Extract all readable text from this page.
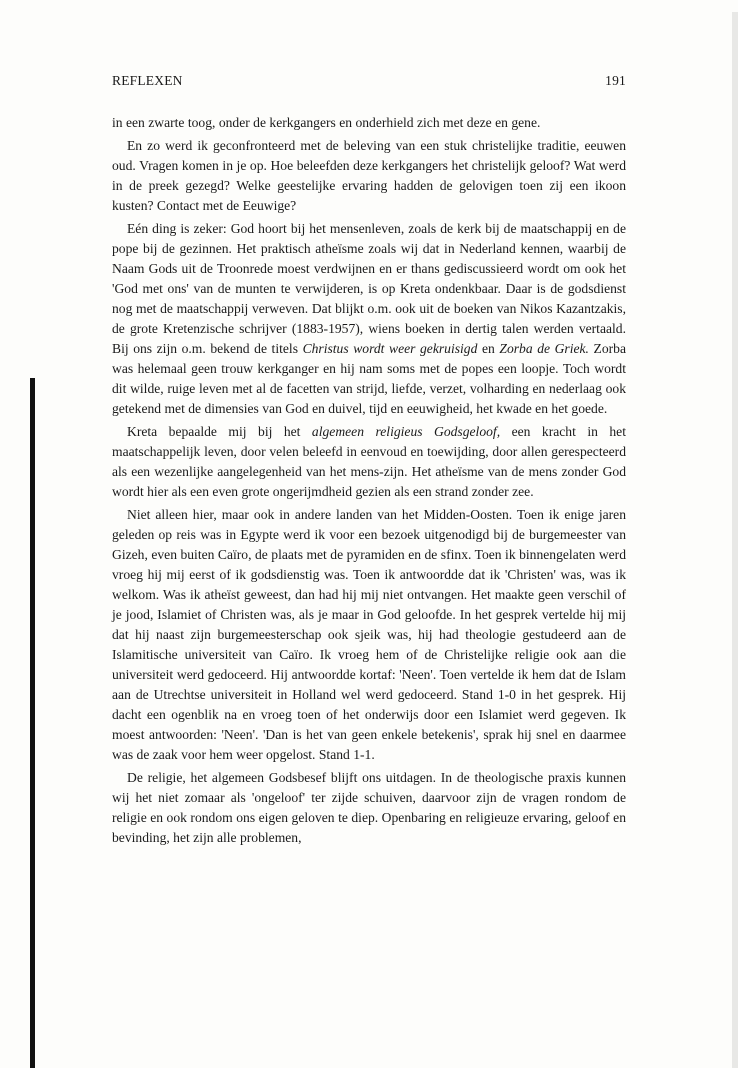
REFLEXEN	191

in een zwarte toog, onder de kerkgangers en onderhield zich met deze en gene.

En zo werd ik geconfronteerd met de beleving van een stuk christelijke traditie, eeuwen oud. Vragen komen in je op. Hoe beleefden deze kerkgangers het christelijk geloof? Wat werd in de preek gezegd? Welke geestelijke ervaring hadden de gelovigen toen zij een ikoon kusten? Contact met de Eeuwige?

Eén ding is zeker: God hoort bij het mensenleven, zoals de kerk bij de maatschappij en de pope bij de gezinnen. Het praktisch atheïsme zoals wij dat in Nederland kennen, waarbij de Naam Gods uit de Troonrede moest verdwijnen en er thans gediscussieerd wordt om ook het 'God met ons' van de munten te verwijderen, is op Kreta ondenkbaar. Daar is de godsdienst nog met de maatschappij verweven. Dat blijkt o.m. ook uit de boeken van Nikos Kazantzakis, de grote Kretenzische schrijver (1883-1957), wiens boeken in dertig talen werden vertaald. Bij ons zijn o.m. bekend de titels Christus wordt weer gekruisigd en Zorba de Griek. Zorba was helemaal geen trouw kerkganger en hij nam soms met de popes een loopje. Toch wordt dit wilde, ruige leven met al de facetten van strijd, liefde, verzet, volharding en nederlaag ook getekend met de dimensies van God en duivel, tijd en eeuwigheid, het kwade en het goede.

Kreta bepaalde mij bij het algemeen religieus Godsgeloof, een kracht in het maatschappelijk leven, door velen beleefd in eenvoud en toewijding, door allen gerespecteerd als een wezenlijke aangelegenheid van het mens-zijn. Het atheïsme van de mens zonder God wordt hier als een even grote ongerijmdheid gezien als een strand zonder zee.

Niet alleen hier, maar ook in andere landen van het Midden-Oosten. Toen ik enige jaren geleden op reis was in Egypte werd ik voor een bezoek uitgenodigd bij de burgemeester van Gizeh, even buiten Caïro, de plaats met de pyramiden en de sfinx. Toen ik binnengelaten werd vroeg hij mij eerst of ik godsdienstig was. Toen ik antwoordde dat ik 'Christen' was, was ik welkom. Was ik atheïst geweest, dan had hij mij niet ontvangen. Het maakte geen verschil of je jood, Islamiet of Christen was, als je maar in God geloofde. In het gesprek vertelde hij mij dat hij naast zijn burgemeesterschap ook sjeik was, hij had theologie gestudeerd aan de Islamitische universiteit van Caïro. Ik vroeg hem of de Christelijke religie ook aan die universiteit werd gedoceerd. Hij antwoordde kortaf: 'Neen'. Toen vertelde ik hem dat de Islam aan de Utrechtse universiteit in Holland wel werd gedoceerd. Stand 1-0 in het gesprek. Hij dacht een ogenblik na en vroeg toen of het onderwijs door een Islamiet werd gegeven. Ik moest antwoorden: 'Neen'. 'Dan is het van geen enkele betekenis', sprak hij snel en daarmee was de zaak voor hem weer opgelost. Stand 1-1.

De religie, het algemeen Godsbesef blijft ons uitdagen. In de theologische praxis kunnen wij het niet zomaar als 'ongeloof' ter zijde schuiven, daarvoor zijn de vragen rondom de religie en ook rondom ons eigen geloven te diep. Openbaring en religieuze ervaring, geloof en bevinding, het zijn alle problemen,
